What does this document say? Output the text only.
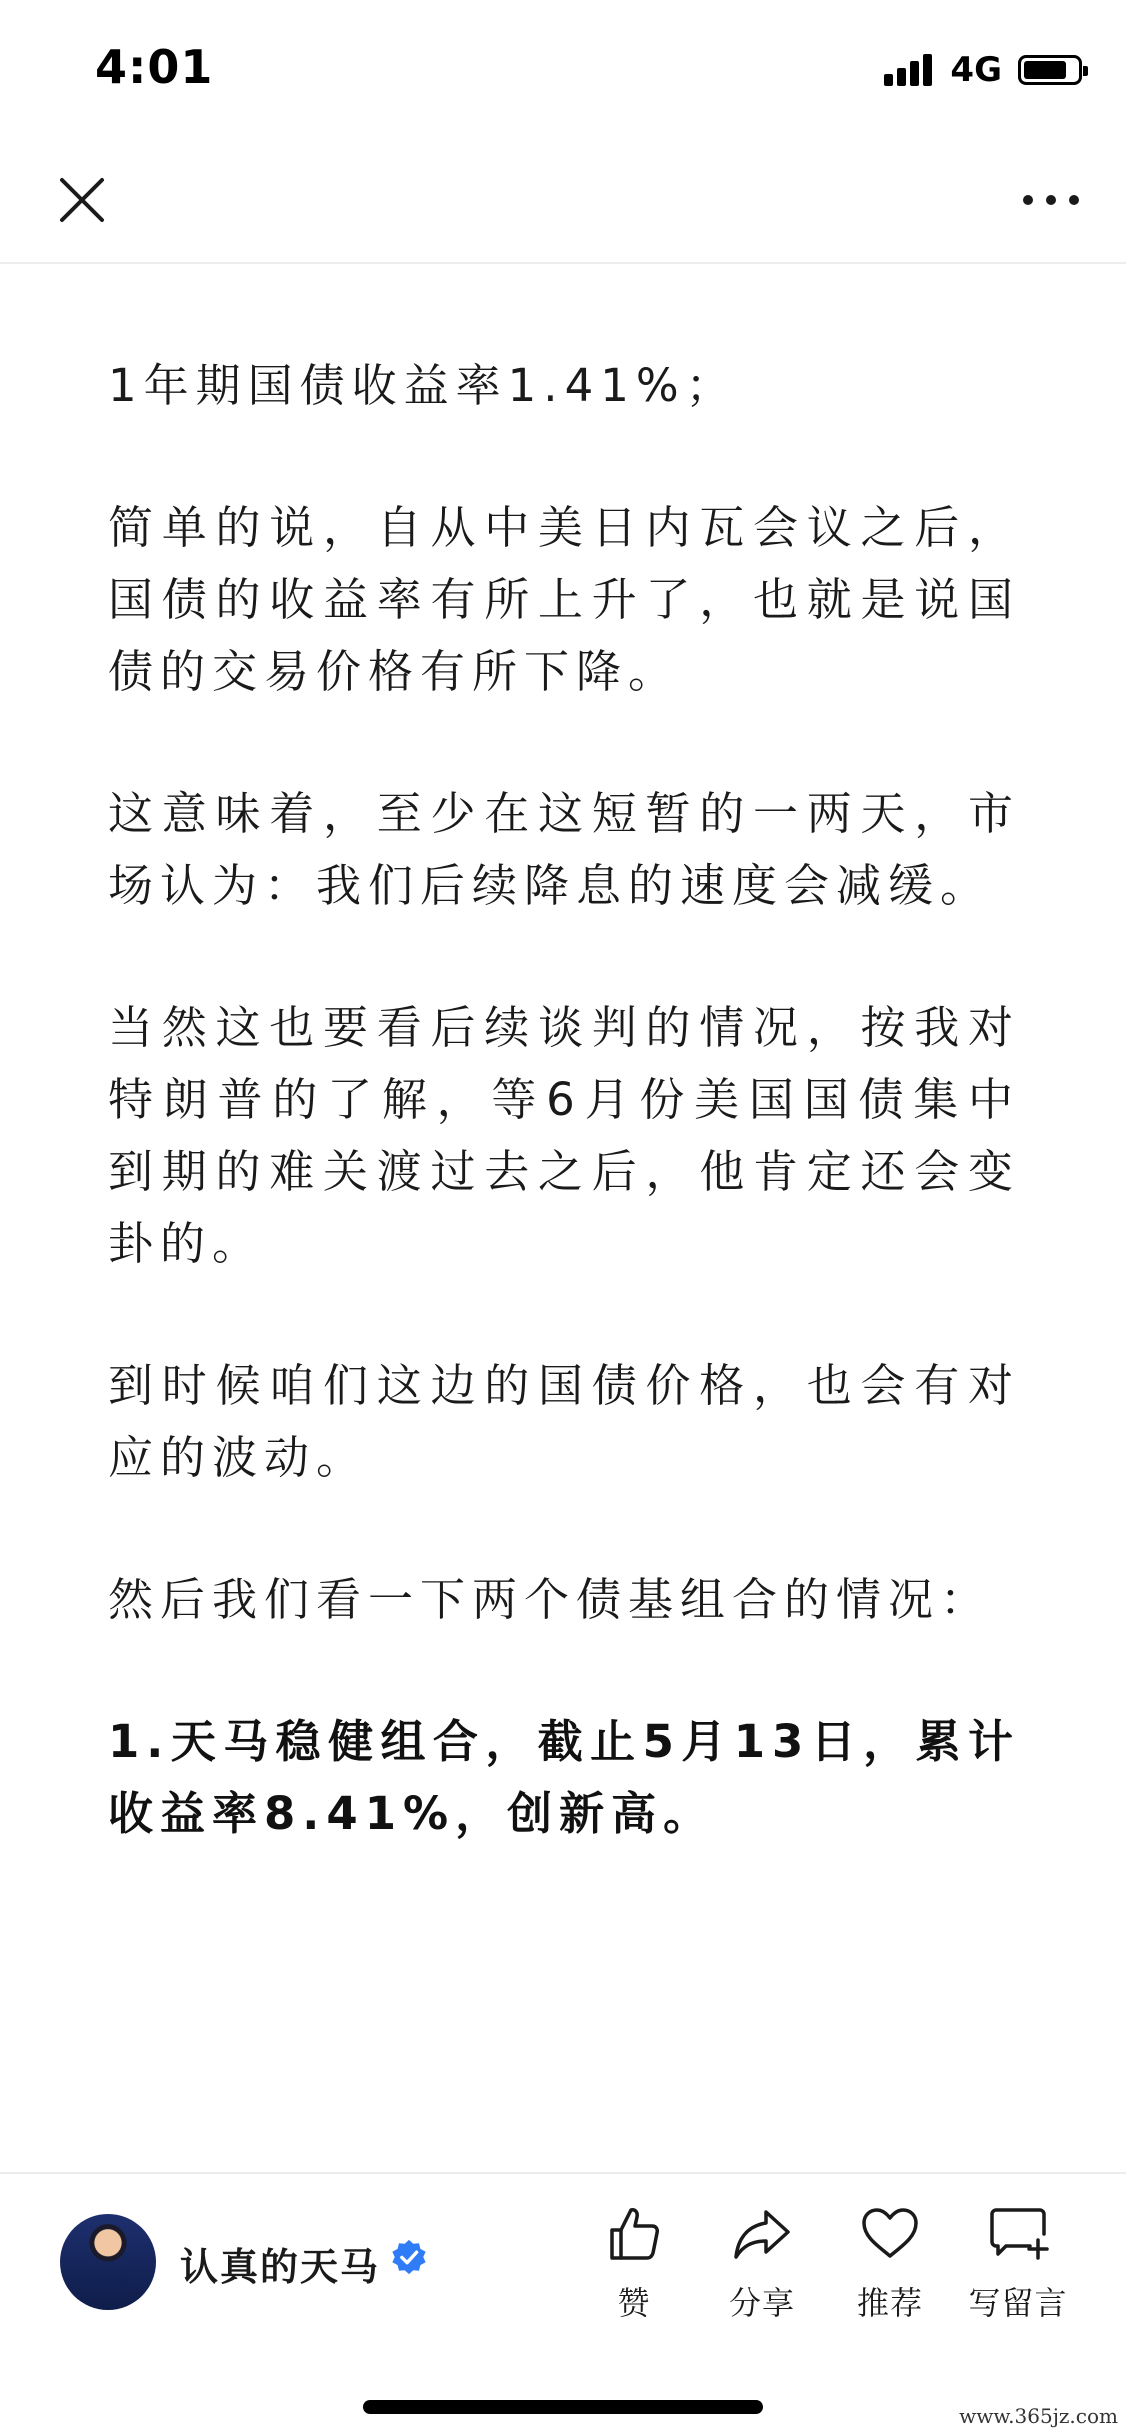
4:01	4G

1年期国债收益率1.41%；

简单的说，自从中美日内瓦会议之后，国债的收益率有所上升了，也就是说国债的交易价格有所下降。

这意味着，至少在这短暂的一两天，市场认为：我们后续降息的速度会减缓。

当然这也要看后续谈判的情况，按我对特朗普的了解，等6月份美国国债集中到期的难关渡过去之后，他肯定还会变卦的。

到时候咱们这边的国债价格，也会有对应的波动。

然后我们看一下两个债基组合的情况：

1.天马稳健组合，截止5月13日，累计收益率8.41%，创新高。

认真的天马
赞 分享 推荐 写留言
www.365jz.com
